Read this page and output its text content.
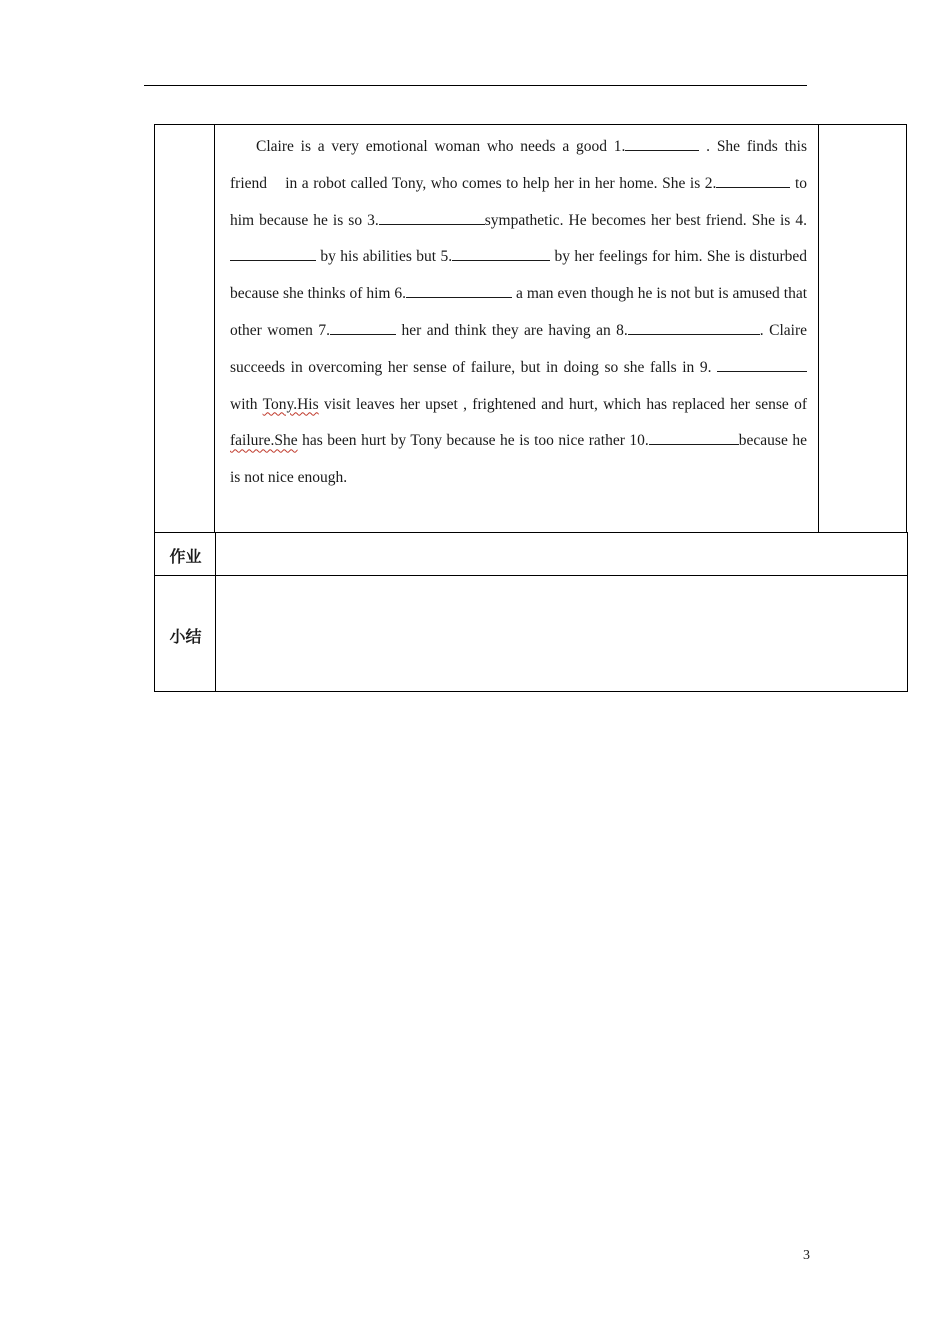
Claire is a very emotional woman who needs a good 1.	. She finds this friend in a robot called Tony, who comes to help her in her home. She is 2.	to him because he is so 3.	sympathetic. He becomes her best friend. She is 4. by his abilities but 5.	by her feelings for him. She is disturbed because she thinks of him 6.	a man even though he is not but is amused that other women 7.	her and think they are having an 8.	. Claire succeeds in overcoming her sense of failure, but in doing so she falls in 9.  with Tony.His visit leaves her upset , frightened and hurt, which has replaced her sense of failure.She has been hurt by Tony because he is too nice rather 10.	because he is not nice enough.
作业
小结
3
